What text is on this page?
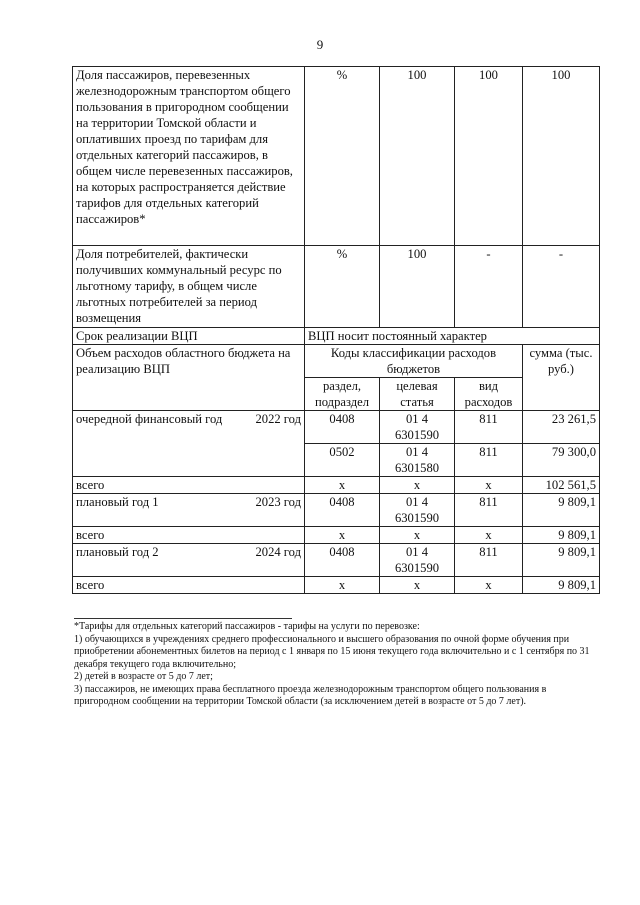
9
Доля пассажиров, перевезенных железнодорожным транспортом общего пользования в пригородном сообщении на территории Томской области и оплативших проезд по тарифам для отдельных категорий пассажиров, в общем числе перевезенных пассажиров, на которых распространяется действие тарифов для отдельных категорий пассажиров*	%	100	100	100
Доля потребителей, фактически получивших коммунальный ресурс по льготному тарифу, в общем числе льготных потребителей за период возмещения	%	100	-	-
Срок реализации ВЦП	ВЦП носит постоянный характер			
Объем расходов областного бюджета на реализацию ВЦП	Коды классификации расходов бюджетов			сумма (тыс. руб.)
	раздел, подраздел	целевая статья	вид расходов	

очередной финансовый год 2022 год	0408	01 4 6301590	811	23 261,5
	0502	01 4 6301580	811	79 300,0
всего	х	х	х	102 561,5

плановый год 1 2023 год	0408	01 4 6301590	811	9 809,1
всего	х	х	х	9 809,1

плановый год 2 2024 год	0408	01 4 6301590	811	9 809,1
всего	х	х	х	9 809,1

*Тарифы для отдельных категорий пассажиров - тарифы на услуги по перевозке:

1) обучающихся в учреждениях среднего профессионального и высшего образования по очной форме обучения при приобретении абонементных билетов на период с 1 января по 15 июня текущего года включительно и с 1 сентября по 31 декабря текущего года включительно;

2) детей в возрасте от 5 до 7 лет;

3) пассажиров, не имеющих права бесплатного проезда железнодорожным транспортом общего пользования в пригородном сообщении на территории Томской области (за исключением детей в возрасте от 5 до 7 лет).
